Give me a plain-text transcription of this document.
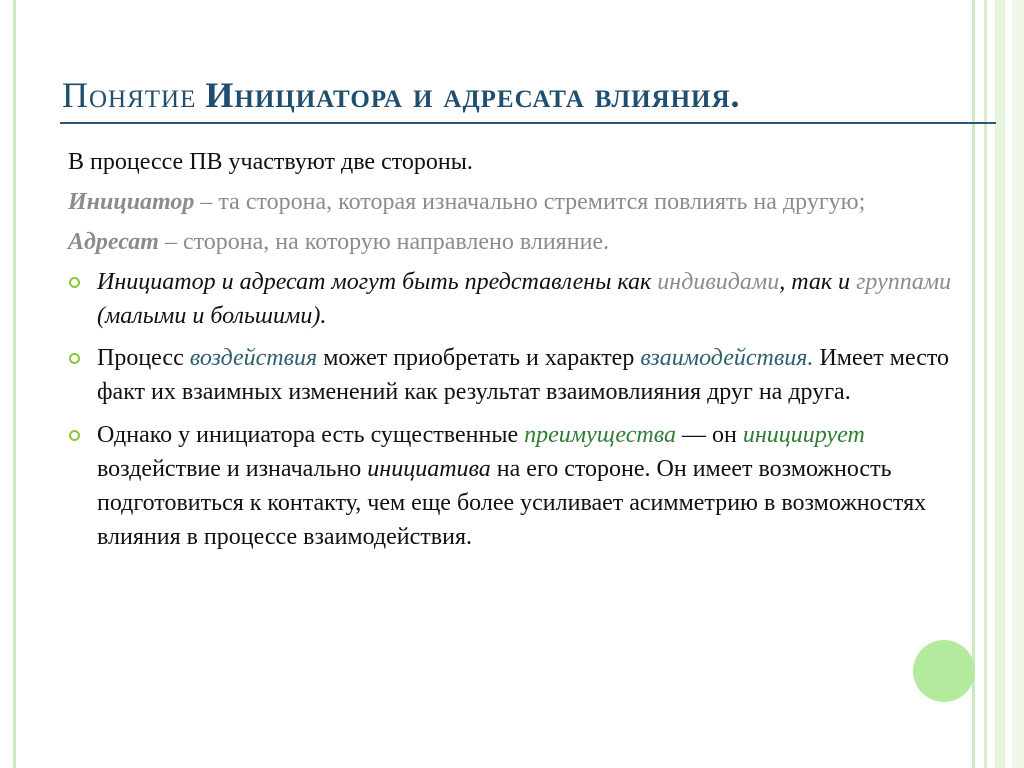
Понятие Инициатора и адресата влияния.

В процессе ПВ участвуют две стороны.

Инициатор – та сторона, которая изначально стремится повлиять на другую;

Адресат – сторона, на которую направлено влияние.

Инициатор и адресат могут быть представлены как индивидами, так и группами (малыми и большими).
Процесс воздействия может приобретать и характер взаимодействия. Имеет место факт их взаимных изменений как результат взаимовлияния друг на друга.
Однако у инициатора есть существенные преимущества — он инициирует воздействие и изначально инициатива на его стороне. Он имеет возможность подготовиться к контакту, чем еще более усиливает асимметрию в возможностях влияния в процессе взаимодействия.
